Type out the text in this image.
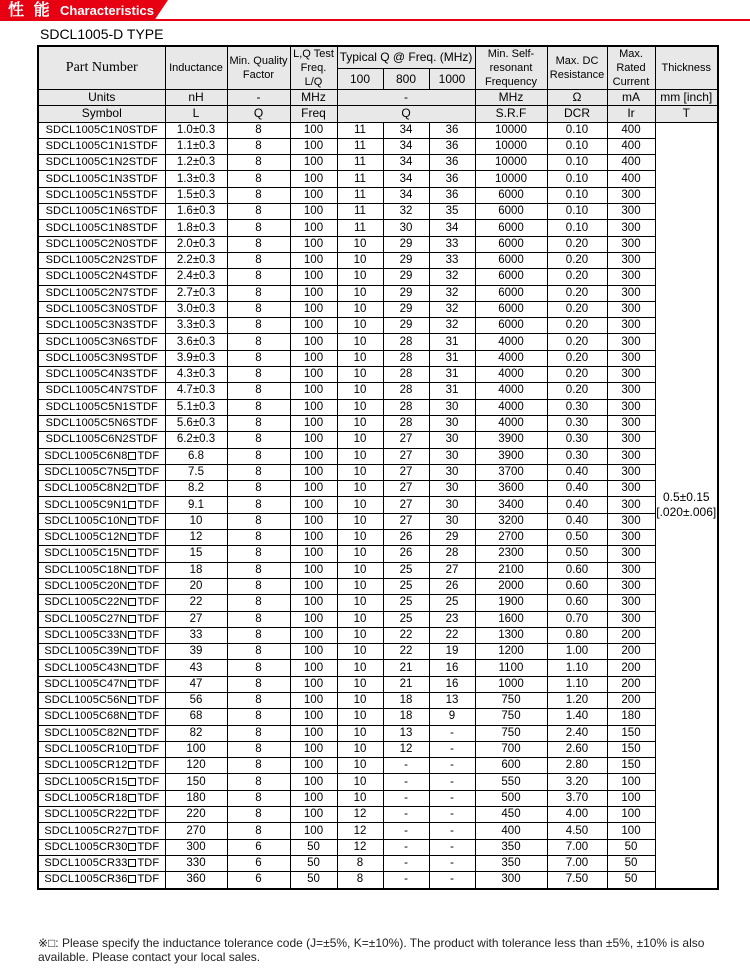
性 能 Characteristics
SDCL1005-D TYPE
Part Number	Inductance	Min. Quality Factor	L,Q Test Freq. L/Q	Typical Q @ Freq. (MHz)			Min. Self-resonant Frequency	Max. DC Resistance	Max. Rated Current	Thickness
				100	800	1000				
Units	nH	-	MHz	-			MHz	Ω	mA	mm [inch]
Symbol	L	Q	Freq	Q			S.R.F	DCR	Ir	T
SDCL1005C1N0STDF	1.0±0.3	8	100	11	34	36	10000	0.10	400	0.5±0.15
[.020±.006]

SDCL1005C1N1STDF	1.1±0.3	8	100	11	34	36	10000	0.10	400	
SDCL1005C1N2STDF	1.2±0.3	8	100	11	34	36	10000	0.10	400	
SDCL1005C1N3STDF	1.3±0.3	8	100	11	34	36	10000	0.10	400	
SDCL1005C1N5STDF	1.5±0.3	8	100	11	34	36	6000	0.10	300	
SDCL1005C1N6STDF	1.6±0.3	8	100	11	32	35	6000	0.10	300	
SDCL1005C1N8STDF	1.8±0.3	8	100	11	30	34	6000	0.10	300	
SDCL1005C2N0STDF	2.0±0.3	8	100	10	29	33	6000	0.20	300	
SDCL1005C2N2STDF	2.2±0.3	8	100	10	29	33	6000	0.20	300	
SDCL1005C2N4STDF	2.4±0.3	8	100	10	29	32	6000	0.20	300	
SDCL1005C2N7STDF	2.7±0.3	8	100	10	29	32	6000	0.20	300	
SDCL1005C3N0STDF	3.0±0.3	8	100	10	29	32	6000	0.20	300	
SDCL1005C3N3STDF	3.3±0.3	8	100	10	29	32	6000	0.20	300	
SDCL1005C3N6STDF	3.6±0.3	8	100	10	28	31	4000	0.20	300	
SDCL1005C3N9STDF	3.9±0.3	8	100	10	28	31	4000	0.20	300	
SDCL1005C4N3STDF	4.3±0.3	8	100	10	28	31	4000	0.20	300	
SDCL1005C4N7STDF	4.7±0.3	8	100	10	28	31	4000	0.20	300	
SDCL1005C5N1STDF	5.1±0.3	8	100	10	28	30	4000	0.30	300	
SDCL1005C5N6STDF	5.6±0.3	8	100	10	28	30	4000	0.30	300	
SDCL1005C6N2STDF	6.2±0.3	8	100	10	27	30	3900	0.30	300	
SDCL1005C6N8 TDF	6.8	8	100	10	27	30	3900	0.30	300	
SDCL1005C7N5 TDF	7.5	8	100	10	27	30	3700	0.40	300	
SDCL1005C8N2 TDF	8.2	8	100	10	27	30	3600	0.40	300	
SDCL1005C9N1 TDF	9.1	8	100	10	27	30	3400	0.40	300	
SDCL1005C10N TDF	10	8	100	10	27	30	3200	0.40	300	
SDCL1005C12N TDF	12	8	100	10	26	29	2700	0.50	300	
SDCL1005C15N TDF	15	8	100	10	26	28	2300	0.50	300	
SDCL1005C18N TDF	18	8	100	10	25	27	2100	0.60	300	
SDCL1005C20N TDF	20	8	100	10	25	26	2000	0.60	300	
SDCL1005C22N TDF	22	8	100	10	25	25	1900	0.60	300	
SDCL1005C27N TDF	27	8	100	10	25	23	1600	0.70	300	
SDCL1005C33N TDF	33	8	100	10	22	22	1300	0.80	200	
SDCL1005C39N TDF	39	8	100	10	22	19	1200	1.00	200	
SDCL1005C43N TDF	43	8	100	10	21	16	1100	1.10	200	
SDCL1005C47N TDF	47	8	100	10	21	16	1000	1.10	200	
SDCL1005C56N TDF	56	8	100	10	18	13	750	1.20	200	
SDCL1005C68N TDF	68	8	100	10	18	9	750	1.40	180	
SDCL1005C82N TDF	82	8	100	10	13	-	750	2.40	150	
SDCL1005CR10 TDF	100	8	100	10	12	-	700	2.60	150	
SDCL1005CR12 TDF	120	8	100	10	-	-	600	2.80	150	
SDCL1005CR15 TDF	150	8	100	10	-	-	550	3.20	100	
SDCL1005CR18 TDF	180	8	100	10	-	-	500	3.70	100	
SDCL1005CR22 TDF	220	8	100	12	-	-	450	4.00	100	
SDCL1005CR27 TDF	270	8	100	12	-	-	400	4.50	100	
SDCL1005CR30 TDF	300	6	50	12	-	-	350	7.00	50	
SDCL1005CR33 TDF	330	6	50	8	-	-	350	7.00	50	
SDCL1005CR36 TDF	360	6	50	8	-	-	300	7.50	50	
※□: Please specify the inductance tolerance code (J=±5%, K=±10%). The product with tolerance less than ±5%, ±10% is also available. Please contact your local sales.
